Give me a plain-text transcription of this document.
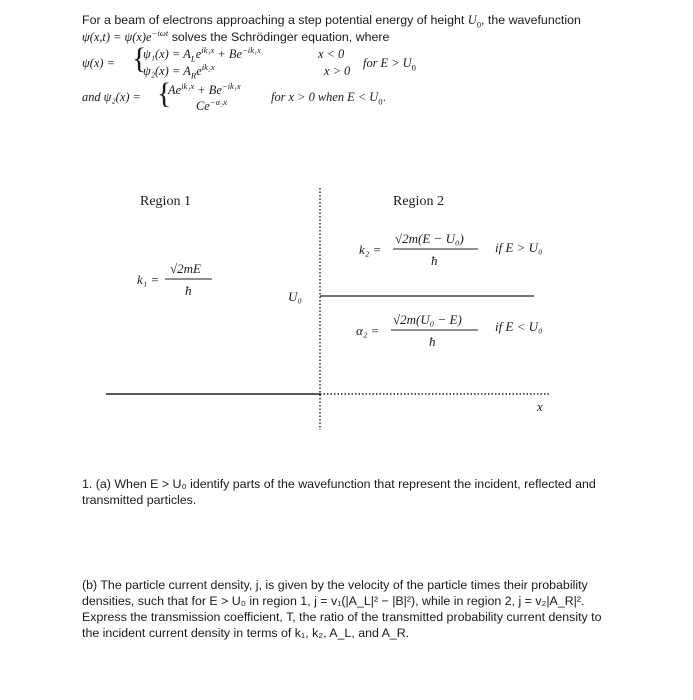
For a beam of electrons approaching a step potential energy of height $U_0$, the wavefunction
$\psi(x,t) = \psi(x)e^{-i\omega t}$ solves the Schrödinger equation, where
ψ(x) = {
$\psi_1(x) = A_Le^{ik_1x} + Be^{-ik_1x}$	x < 0
$\psi_2(x) = A_Re^{ik_2x}$	x > 0
for $E > U_0$
and ψ₂(x) = {
$Ae^{ik_1x} + Be^{-ik_1x}$
$Ce^{-\alpha_2x}$	for x > 0 when $E < U_0$.
Region 1	Region 2
k₁ =
√2mE
ħ
k₂ =
√2m(E − U₀)
ħ
if E > U₀
U₀
α₂ =
√2m(U₀ − E)
ħ
if E < U₀
x
1. (a) When E > U₀ identify parts of the wavefunction that represent the incident, reflected and transmitted particles.
(b) The particle current density, j, is given by the velocity of the particle times their probability densities, such that for E > U₀ in region 1, j = v₁(|A_L|² − |B|²), while in region 2, j = v₂|A_R|². Express the transmission coefficient, T, the ratio of the transmitted probability current density to the incident current density in terms of k₁, k₂, A_L, and A_R.
